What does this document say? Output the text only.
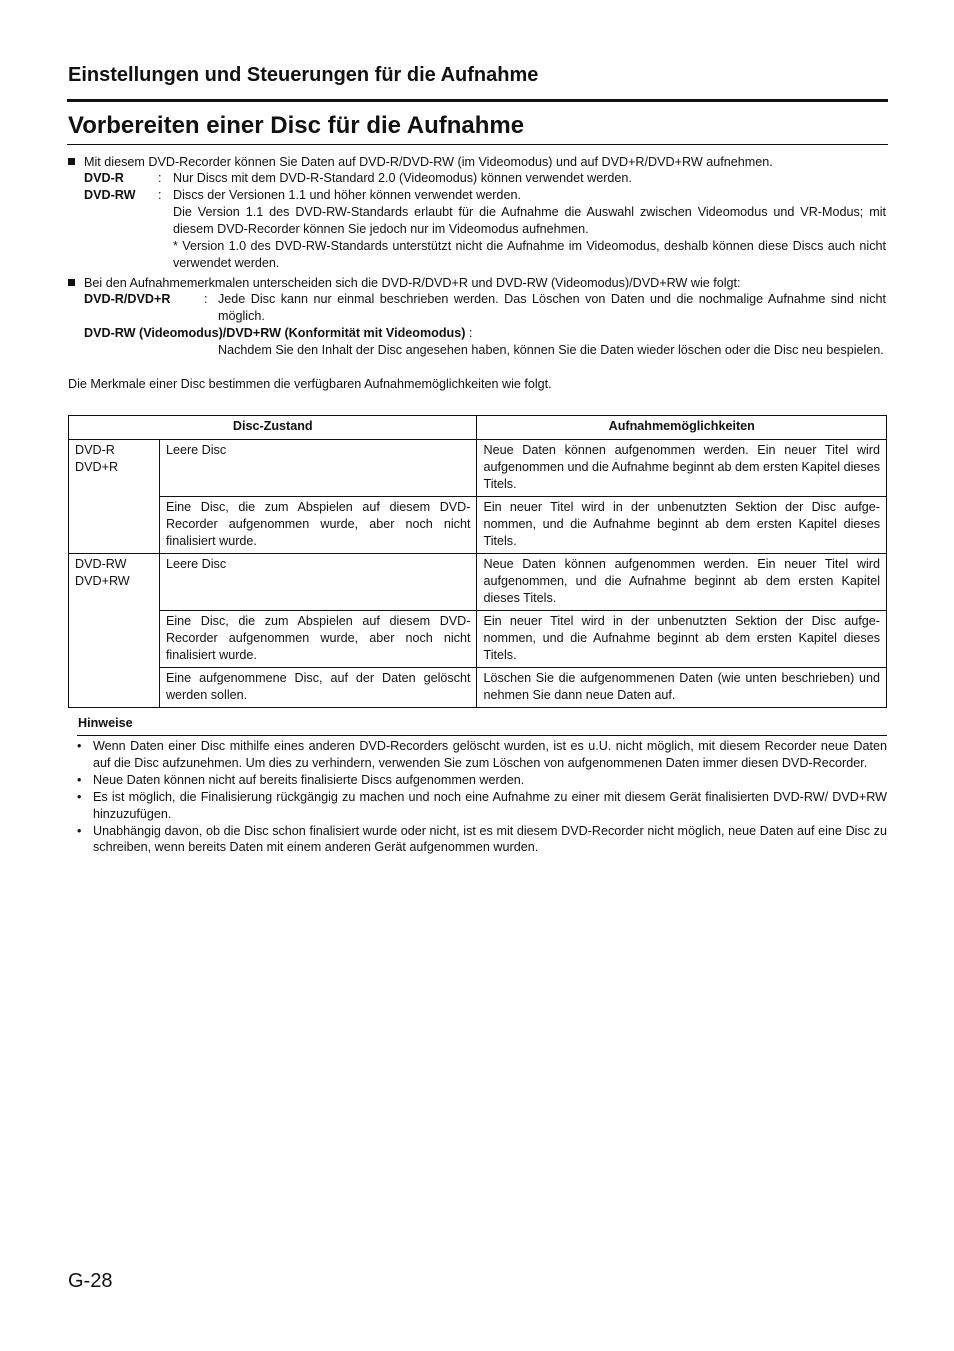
Einstellungen und Steuerungen für die Aufnahme
Vorbereiten einer Disc für die Aufnahme
Mit diesem DVD-Recorder können Sie Daten auf DVD-R/DVD-RW (im Videomodus) und auf DVD+R/DVD+RW aufnehmen.
DVD-R	: Nur Discs mit dem DVD-R-Standard 2.0 (Videomodus) können verwendet werden.
DVD-RW : Discs der Versionen 1.1 und höher können verwendet werden.
Die Version 1.1 des DVD-RW-Standards erlaubt für die Aufnahme die Auswahl zwischen Videomodus und VR-Modus; mit diesem DVD-Recorder können Sie jedoch nur im Videomodus aufnehmen.
* Version 1.0 des DVD-RW-Standards unterstützt nicht die Aufnahme im Videomodus, deshalb können diese Discs auch nicht verwendet werden.
Bei den Aufnahmemerkmalen unterscheiden sich die DVD-R/DVD+R und DVD-RW (Videomodus)/DVD+RW wie folgt:
DVD-R/DVD+R	: Jede Disc kann nur einmal beschrieben werden. Das Löschen von Daten und die nochmalige Aufnahme sind nicht möglich.
DVD-RW (Videomodus)/DVD+RW (Konformität mit Videomodus) :
Nachdem Sie den Inhalt der Disc angesehen haben, können Sie die Daten wieder löschen oder die Disc neu bespielen.
Die Merkmale einer Disc bestimmen die verfügbaren Aufnahmemöglichkeiten wie folgt.
Disc-Zustand		Aufnahmemöglichkeiten
DVD-R
DVD+R	Leere Disc	Neue Daten können aufgenommen werden. Ein neuer Titel wird aufgenommen und die Aufnahme beginnt ab dem ersten Kapitel dieses Titels.
	Eine Disc, die zum Abspielen auf diesem DVD-Recorder aufgenommen wurde, aber noch nicht finalisiert wurde.	Ein neuer Titel wird in der unbenutzten Sektion der Disc aufge-nommen, und die Aufnahme beginnt ab dem ersten Kapitel dieses Titels.
DVD-RW
DVD+RW	Leere Disc	Neue Daten können aufgenommen werden. Ein neuer Titel wird aufgenommen, und die Aufnahme beginnt ab dem ersten Kapitel dieses Titels.
	Eine Disc, die zum Abspielen auf diesem DVD-Recorder aufgenommen wurde, aber noch nicht finalisiert wurde.	Ein neuer Titel wird in der unbenutzten Sektion der Disc aufge-nommen, und die Aufnahme beginnt ab dem ersten Kapitel dieses Titels.
	Eine aufgenommene Disc, auf der Daten gelöscht werden sollen.	Löschen Sie die aufgenommenen Daten (wie unten beschrieben) und nehmen Sie dann neue Daten auf.
Hinweise
• Wenn Daten einer Disc mithilfe eines anderen DVD-Recorders gelöscht wurden, ist es u.U. nicht möglich, mit diesem Recorder neue Daten auf die Disc aufzunehmen. Um dies zu verhindern, verwenden Sie zum Löschen von aufgenommenen Daten immer diesen DVD-Recorder.
• Neue Daten können nicht auf bereits finalisierte Discs aufgenommen werden.
• Es ist möglich, die Finalisierung rückgängig zu machen und noch eine Aufnahme zu einer mit diesem Gerät finalisierten DVD-RW/ DVD+RW hinzuzufügen.
• Unabhängig davon, ob die Disc schon finalisiert wurde oder nicht, ist es mit diesem DVD-Recorder nicht möglich, neue Daten auf eine Disc zu schreiben, wenn bereits Daten mit einem anderen Gerät aufgenommen wurden.
G-28
